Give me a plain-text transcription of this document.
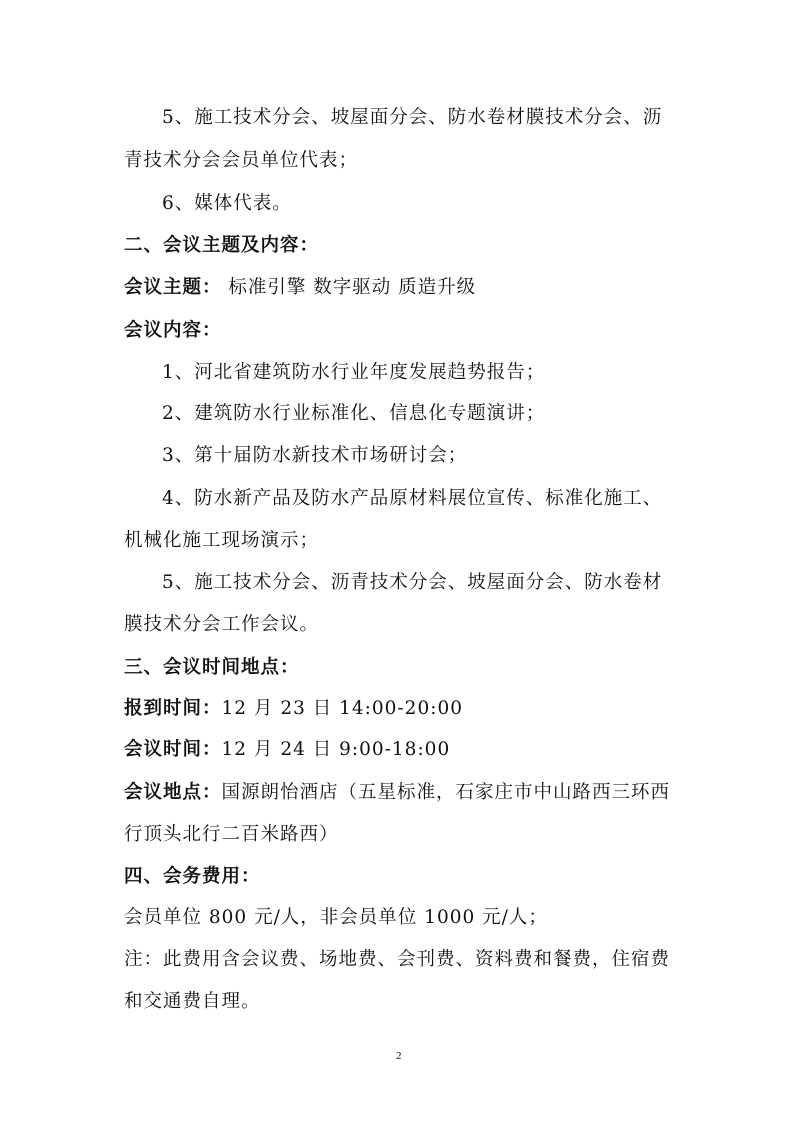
5、施工技术分会、坡屋面分会、防水卷材膜技术分会、沥
青技术分会会员单位代表；
6、媒体代表。
二、会议主题及内容：
会议主题： 标准引擎 数字驱动 质造升级
会议内容：
1、河北省建筑防水行业年度发展趋势报告；
2、建筑防水行业标准化、信息化专题演讲；
3、第十届防水新技术市场研讨会；
4、防水新产品及防水产品原材料展位宣传、标准化施工、
机械化施工现场演示；
5、施工技术分会、沥青技术分会、坡屋面分会、防水卷材
膜技术分会工作会议。
三、会议时间地点：
报到时间：12 月 23 日 14:00-20:00
会议时间：12 月 24 日 9:00-18:00
会议地点：国源朗怡酒店（五星标准，石家庄市中山路西三环西
行顶头北行二百米路西）
四、会务费用：
会员单位 800 元/人，非会员单位 1000 元/人；
注：此费用含会议费、场地费、会刊费、资料费和餐费，住宿费
和交通费自理。
2
